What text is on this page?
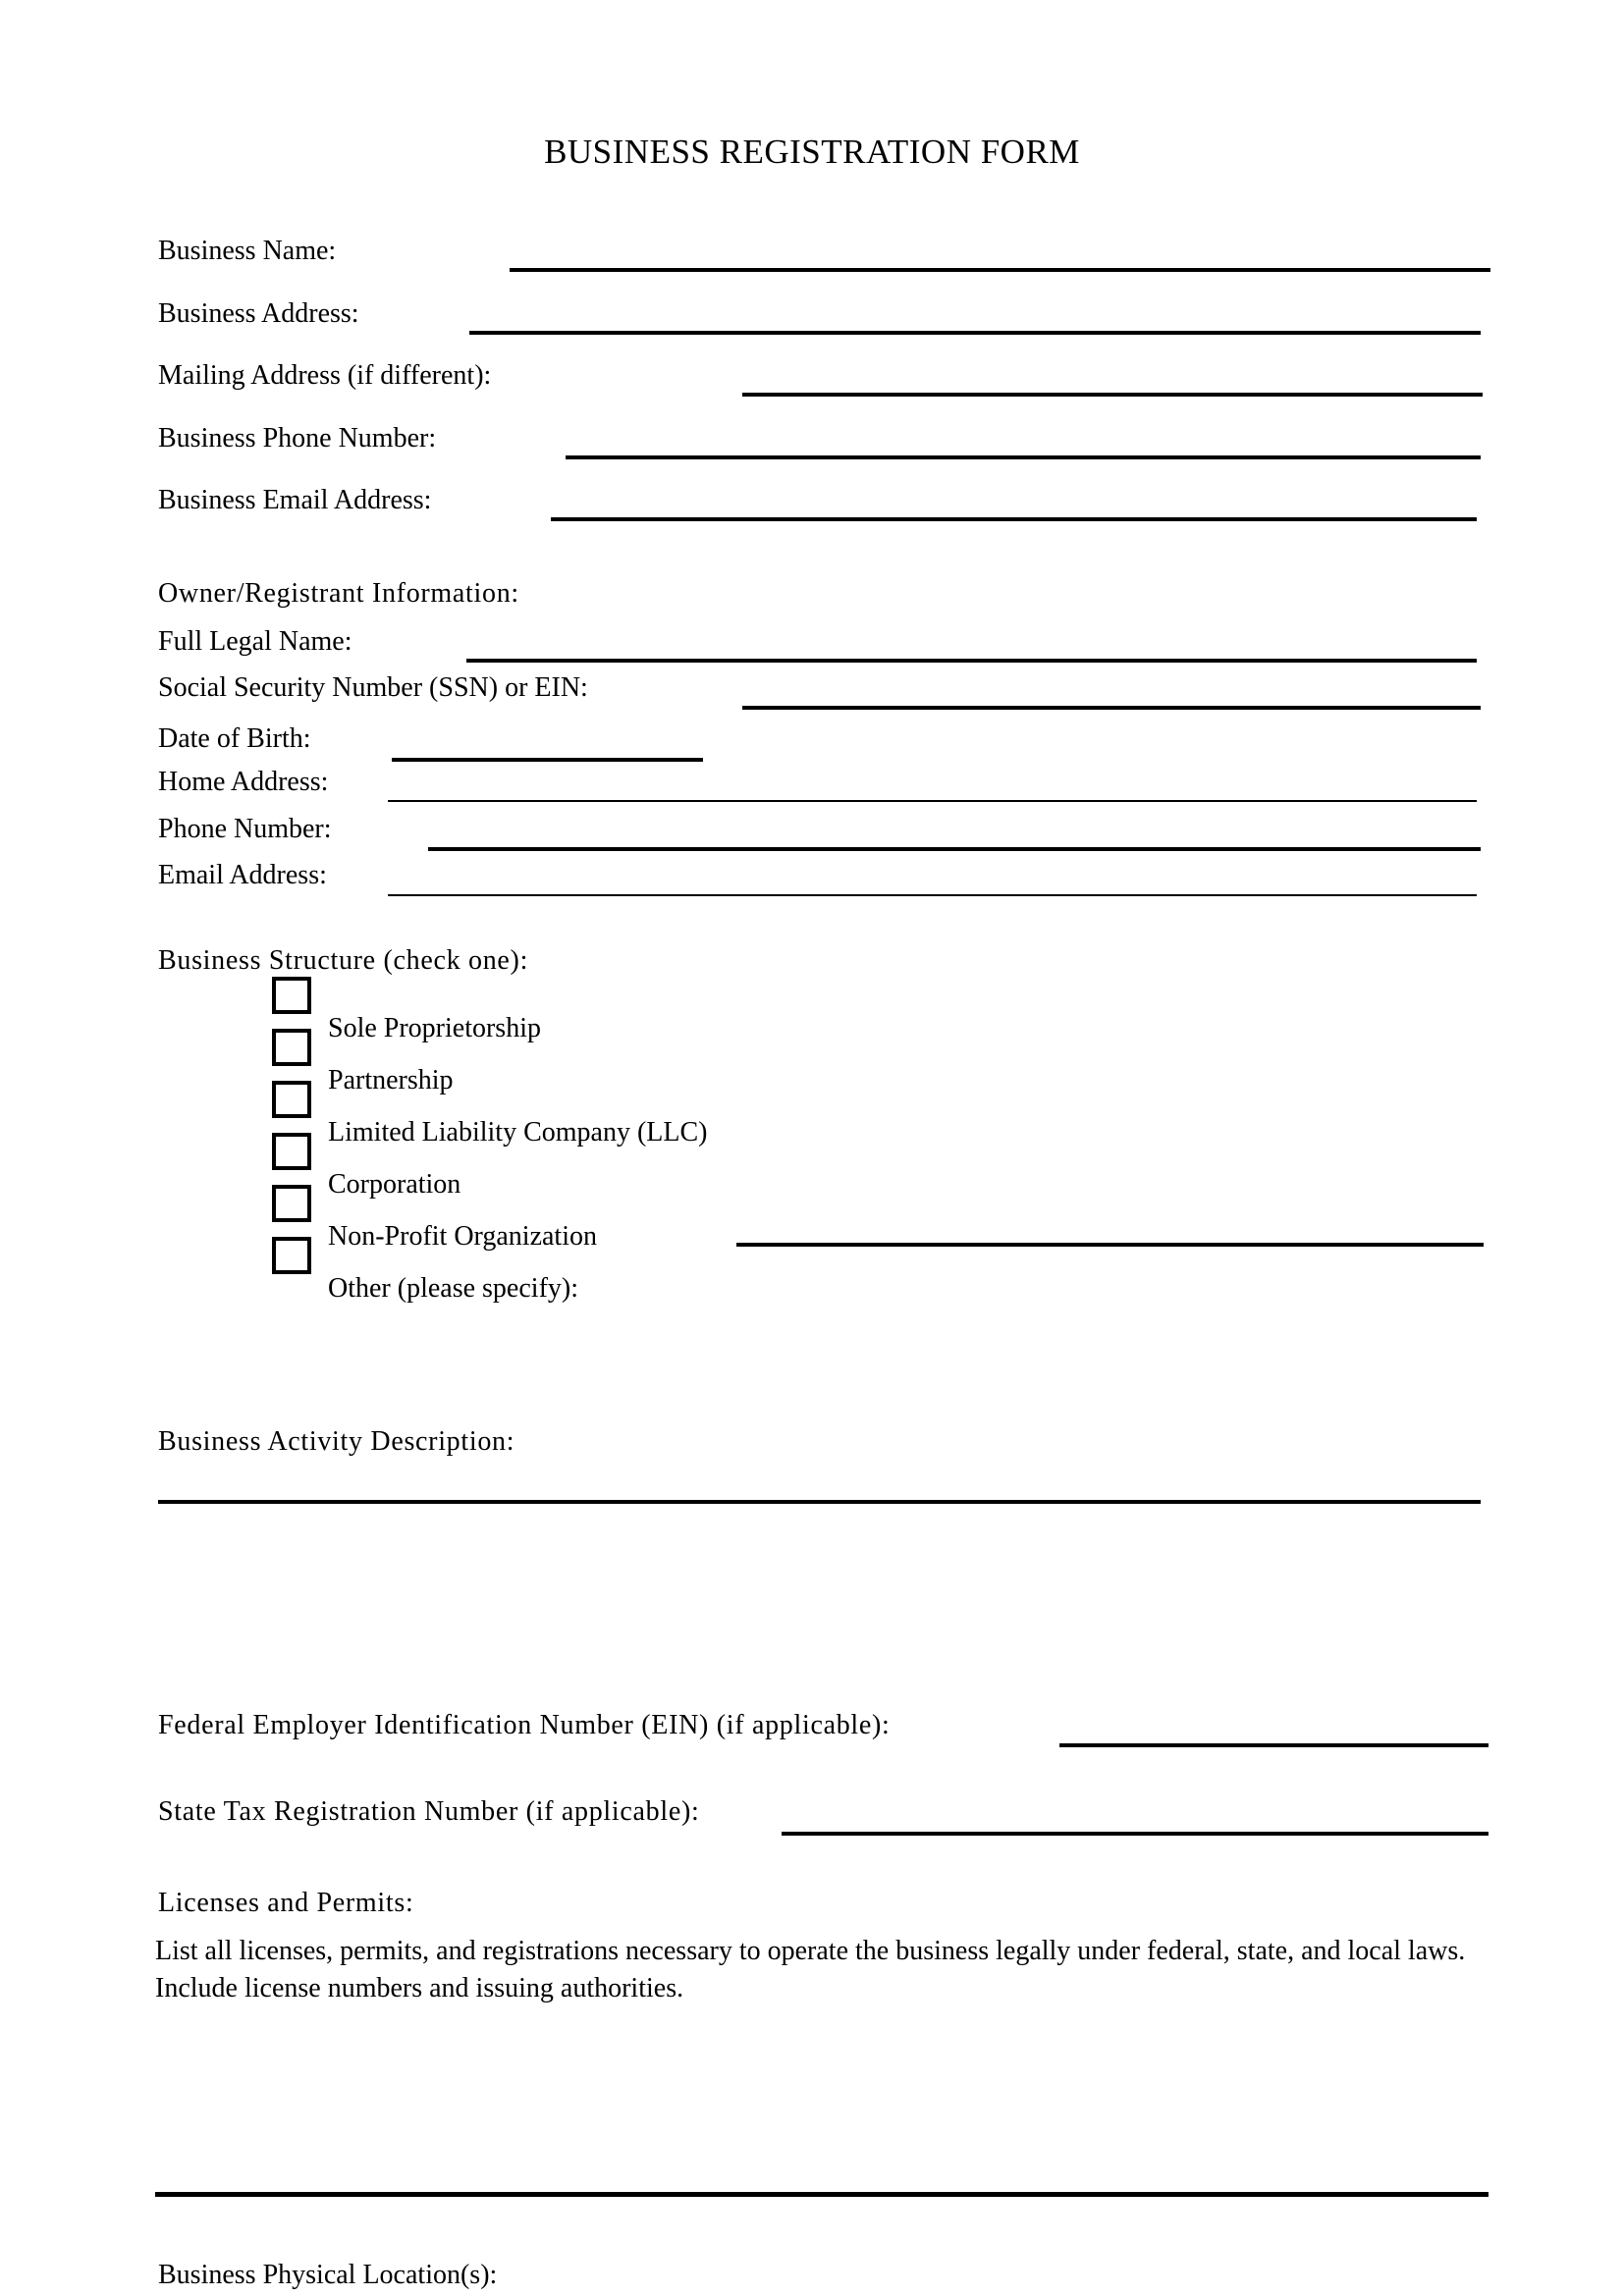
BUSINESS REGISTRATION FORM
Business Name:
Business Address:
Mailing Address (if different):
Business Phone Number:
Business Email Address:
Owner/Registrant Information:
Full Legal Name:
Social Security Number (SSN) or EIN:
Date of Birth:
Home Address:
Phone Number:
Email Address:
Business Structure (check one):
Sole Proprietorship
Partnership
Limited Liability Company (LLC)
Corporation
Non-Profit Organization
Other (please specify):
Business Activity Description:
Federal Employer Identification Number (EIN) (if applicable):
State Tax Registration Number (if applicable):
Licenses and Permits:
List all licenses, permits, and registrations necessary to operate the business legally under federal, state, and local laws.
Include license numbers and issuing authorities.
Business Physical Location(s):
